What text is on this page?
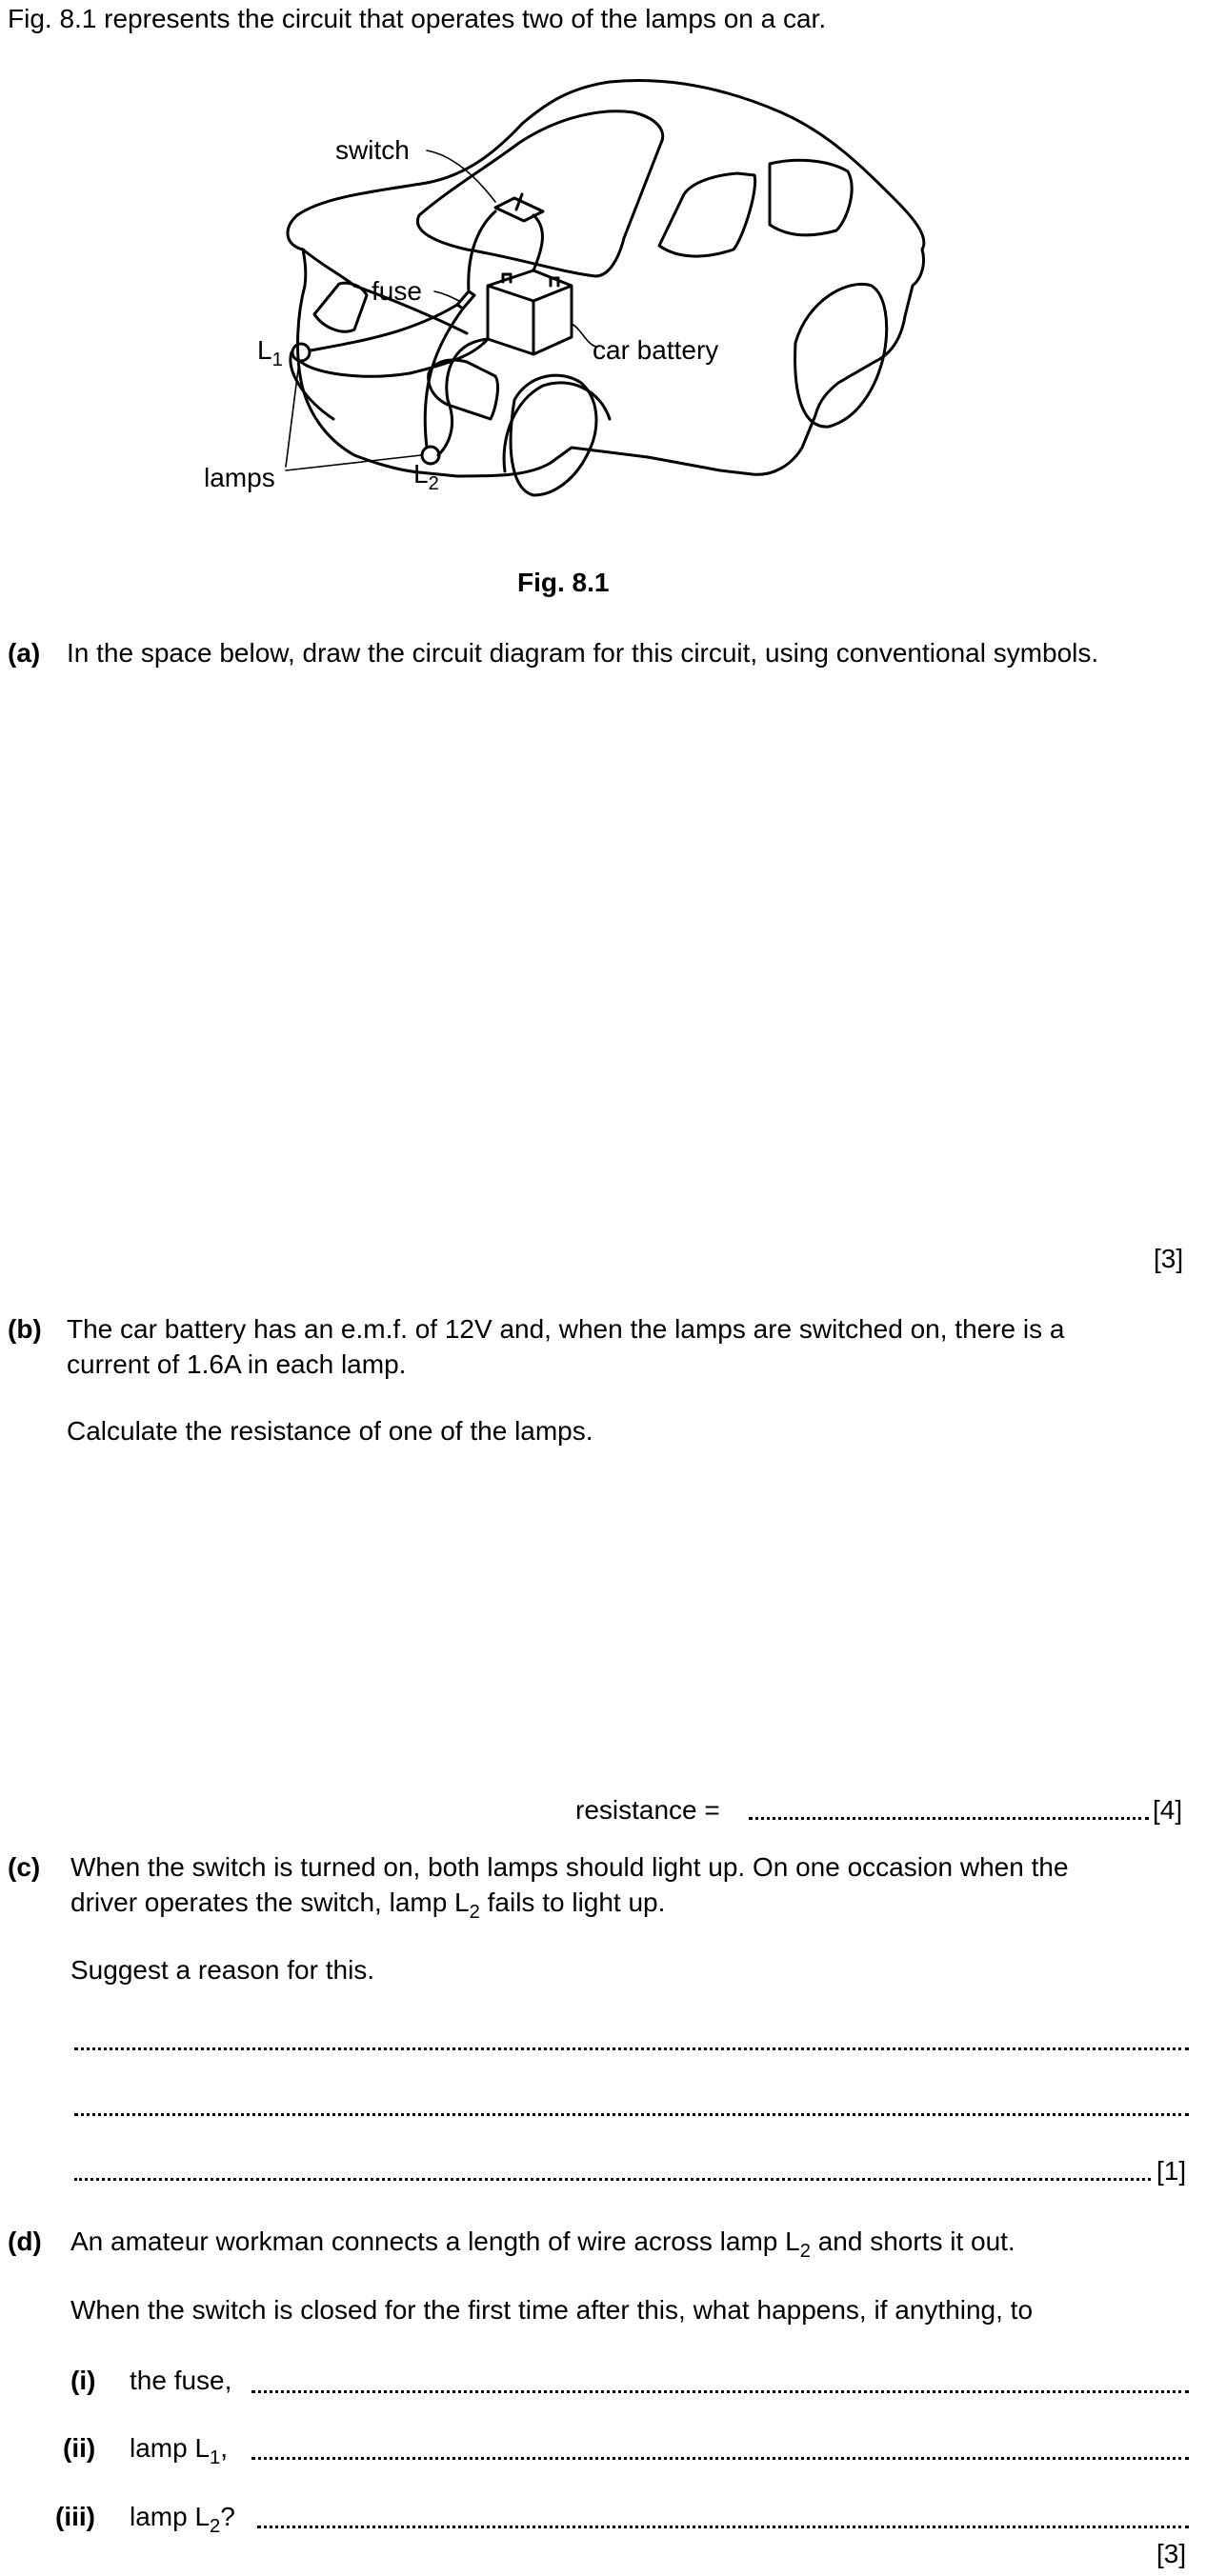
Fig. 8.1 represents the circuit that operates two of the lamps on a car.
switch
fuse
$L_1$	car battery
lamps	$L_2$
Fig. 8.1
(a) In the space below, draw the circuit diagram for this circuit, using conventional symbols.
[3]
(b) The car battery has an e.m.f. of 12V and, when the lamps are switched on, there is a
current of 1.6A in each lamp.
Calculate the resistance of one of the lamps.
resistance =	[4]
(c) When the switch is turned on, both lamps should light up. On one occasion when the
driver operates the switch, lamp $L_2$ fails to light up.
Suggest a reason for this.
[1]
(d) An amateur workman connects a length of wire across lamp $L_2$ and shorts it out.
When the switch is closed for the first time after this, what happens, if anything, to
(i) the fuse,
(ii) lamp $L_1$,
(iii) lamp $L_2$?
[3]
